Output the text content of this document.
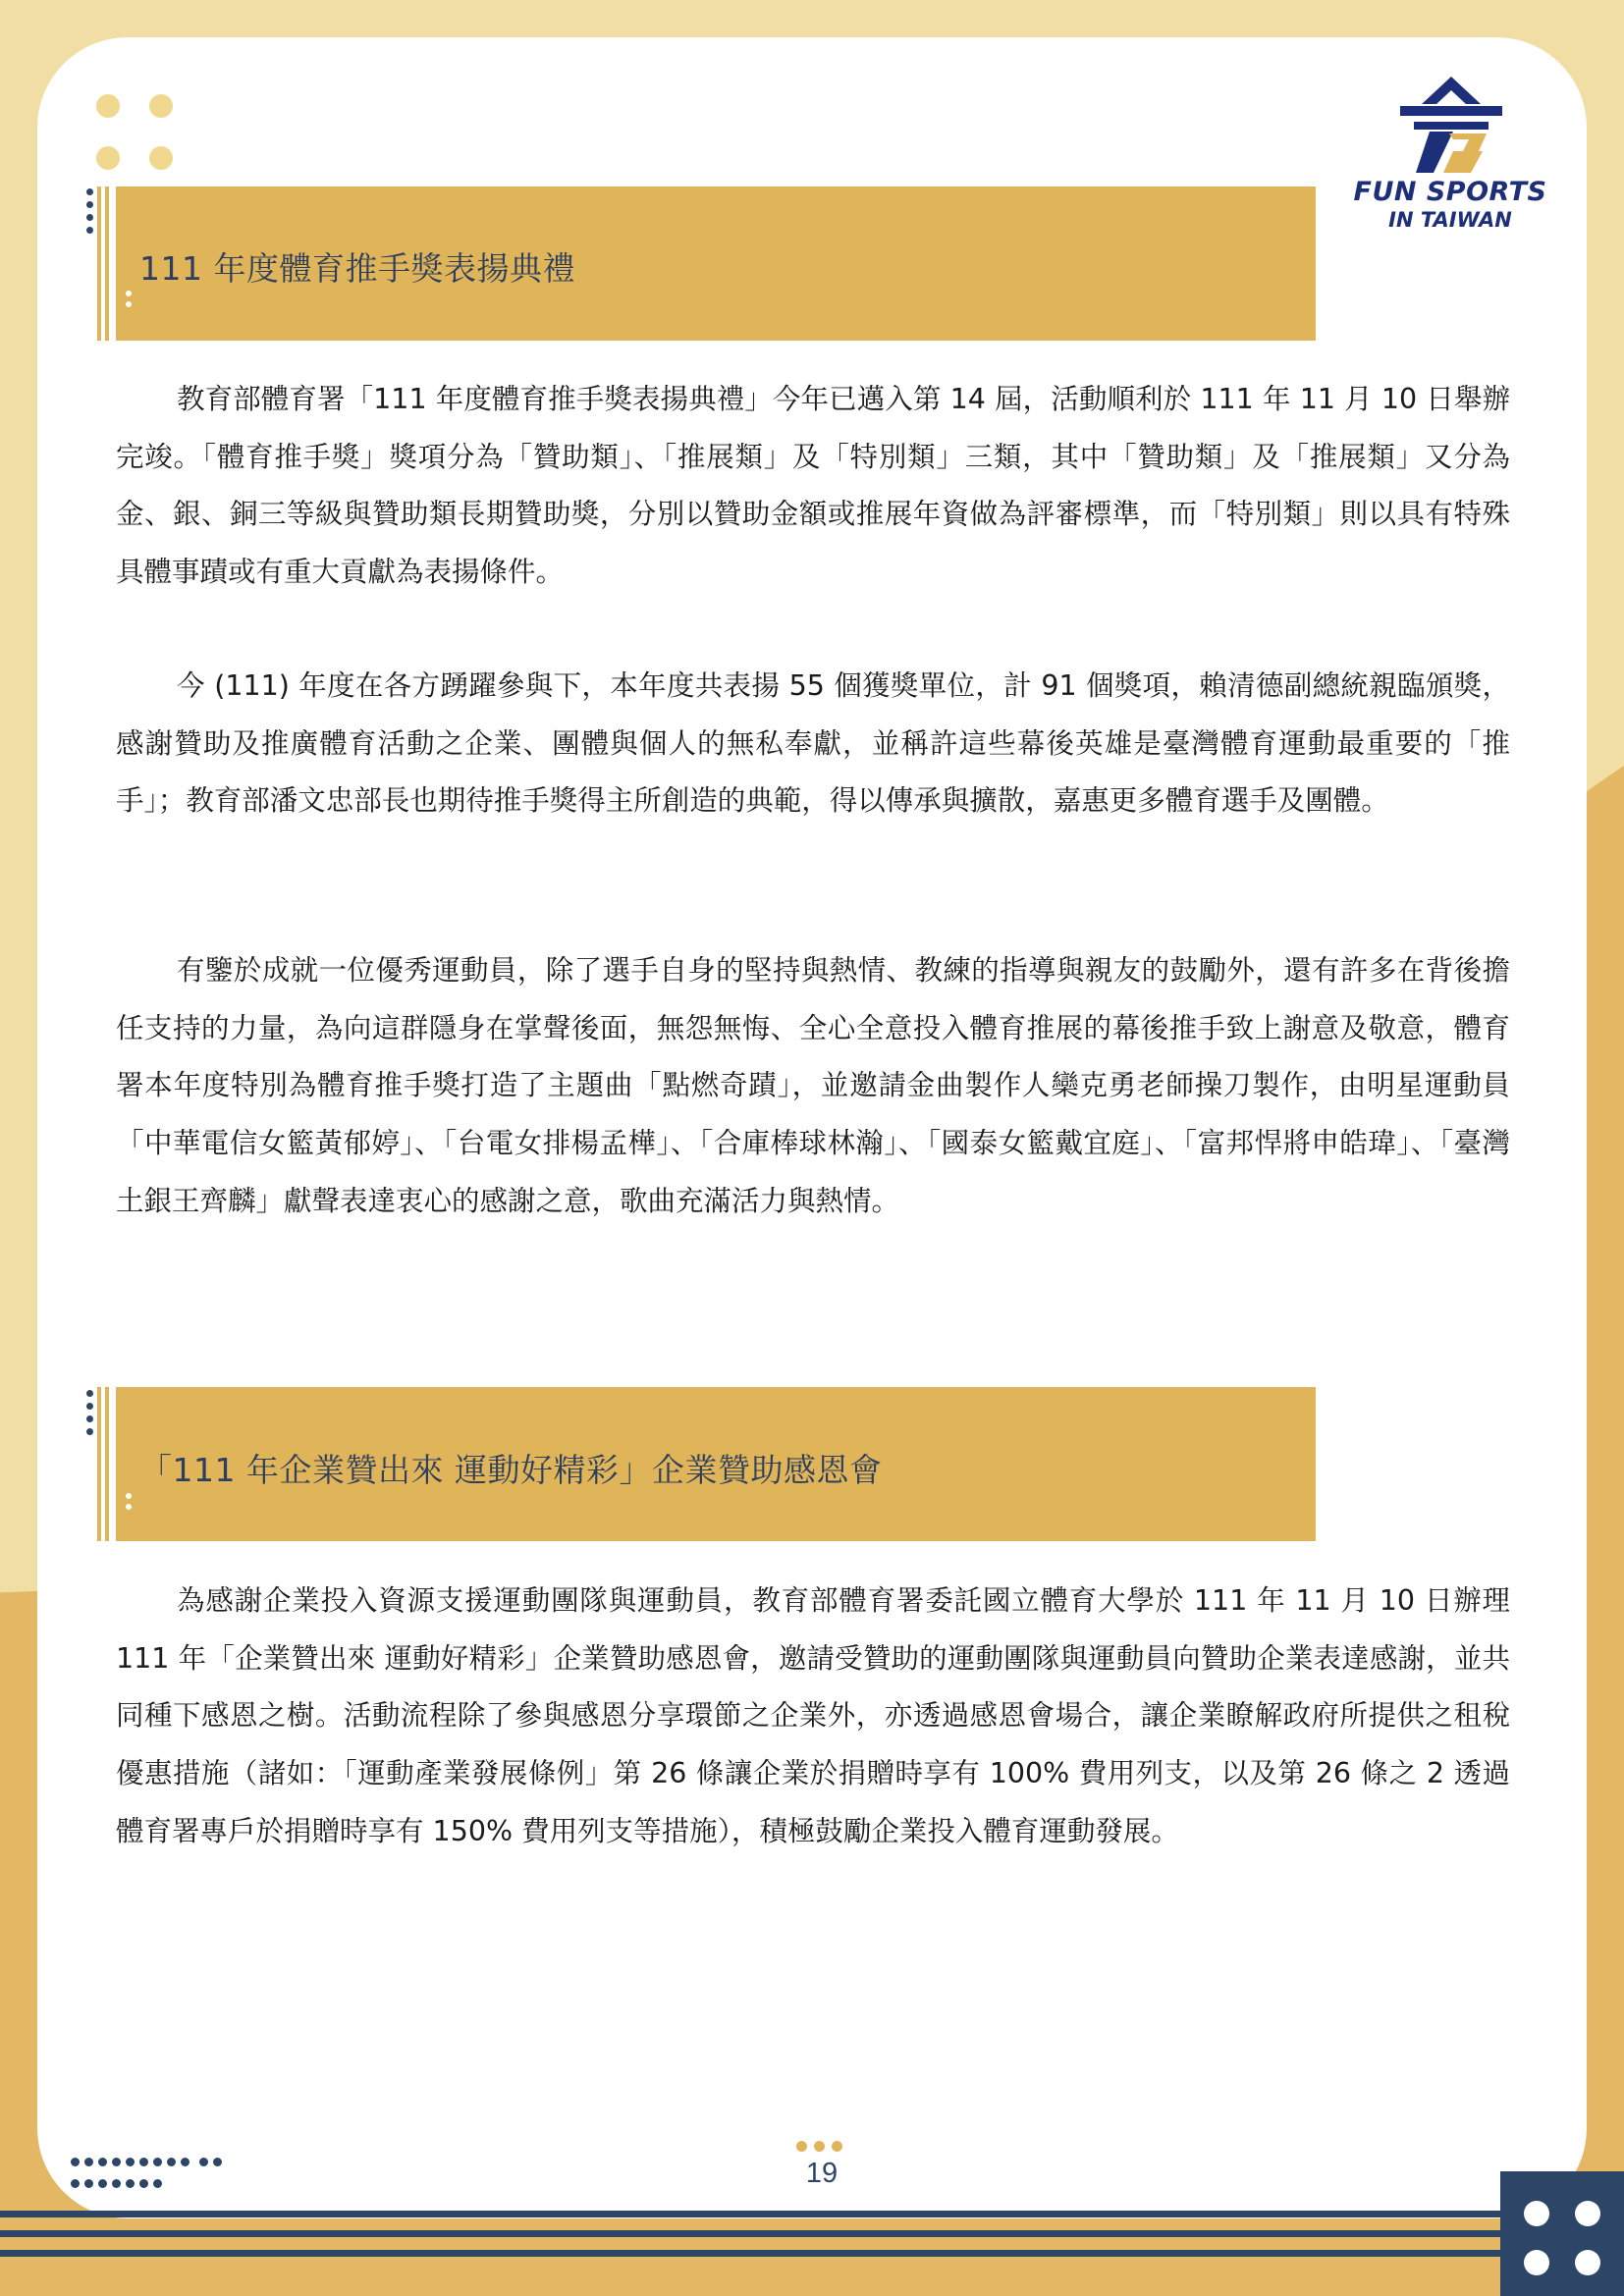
FUN SPORTS
IN TAIWAN
111 年度體育推手獎表揚典禮

教育部體育署「111 年度體育推手獎表揚典禮」今年已邁入第 14 屆，活動順利於 111 年 11 月 10 日舉辦完竣。「體育推手獎」獎項分為「贊助類」、「推展類」及「特別類」三類，其中「贊助類」及「推展類」又分為金、銀、銅三等級與贊助類長期贊助獎，分別以贊助金額或推展年資做為評審標準，而「特別類」則以具有特殊具體事蹟或有重大貢獻為表揚條件。

今 (111) 年度在各方踴躍參與下，本年度共表揚 55 個獲獎單位，計 91 個獎項，賴清德副總統親臨頒獎，感謝贊助及推廣體育活動之企業、團體與個人的無私奉獻，並稱許這些幕後英雄是臺灣體育運動最重要的「推手」；教育部潘文忠部長也期待推手獎得主所創造的典範，得以傳承與擴散，嘉惠更多體育選手及團體。

有鑒於成就一位優秀運動員，除了選手自身的堅持與熱情、教練的指導與親友的鼓勵外，還有許多在背後擔任支持的力量，為向這群隱身在掌聲後面，無怨無悔、全心全意投入體育推展的幕後推手致上謝意及敬意，體育署本年度特別為體育推手獎打造了主題曲「點燃奇蹟」，並邀請金曲製作人欒克勇老師操刀製作，由明星運動員「中華電信女籃黃郁婷」、「台電女排楊孟樺」、「合庫棒球林瀚」、「國泰女籃戴宜庭」、「富邦悍將申皓瑋」、「臺灣土銀王齊麟」獻聲表達衷心的感謝之意，歌曲充滿活力與熱情。

「111 年企業贊出來 運動好精彩」企業贊助感恩會

為感謝企業投入資源支援運動團隊與運動員，教育部體育署委託國立體育大學於 111 年 11 月 10 日辦理 111 年「企業贊出來 運動好精彩」企業贊助感恩會，邀請受贊助的運動團隊與運動員向贊助企業表達感謝，並共同種下感恩之樹。活動流程除了參與感恩分享環節之企業外，亦透過感恩會場合，讓企業瞭解政府所提供之租稅優惠措施（諸如：「運動產業發展條例」第 26 條讓企業於捐贈時享有 100% 費用列支，以及第 26 條之 2 透過體育署專戶於捐贈時享有 150% 費用列支等措施），積極鼓勵企業投入體育運動發展。

19
